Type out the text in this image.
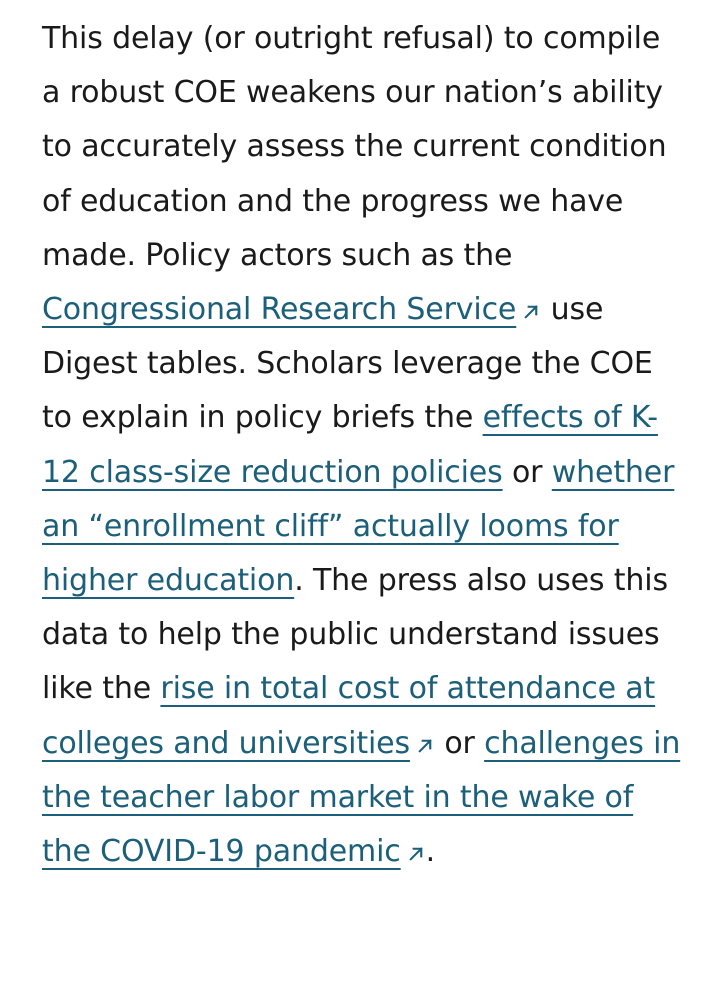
This delay (or outright refusal) to compile a robust COE weakens our nation’s ability to accurately assess the current condition of education and the progress we have made. Policy actors such as the Congressional Research Service use Digest tables. Scholars leverage the COE to explain in policy briefs the effects of K-12 class-size reduction policies or whether an “enrollment cliff” actually looms for higher education. The press also uses this data to help the public understand issues like the rise in total cost of attendance at colleges and universities or challenges in the teacher labor market in the wake of the COVID-19 pandemic .
